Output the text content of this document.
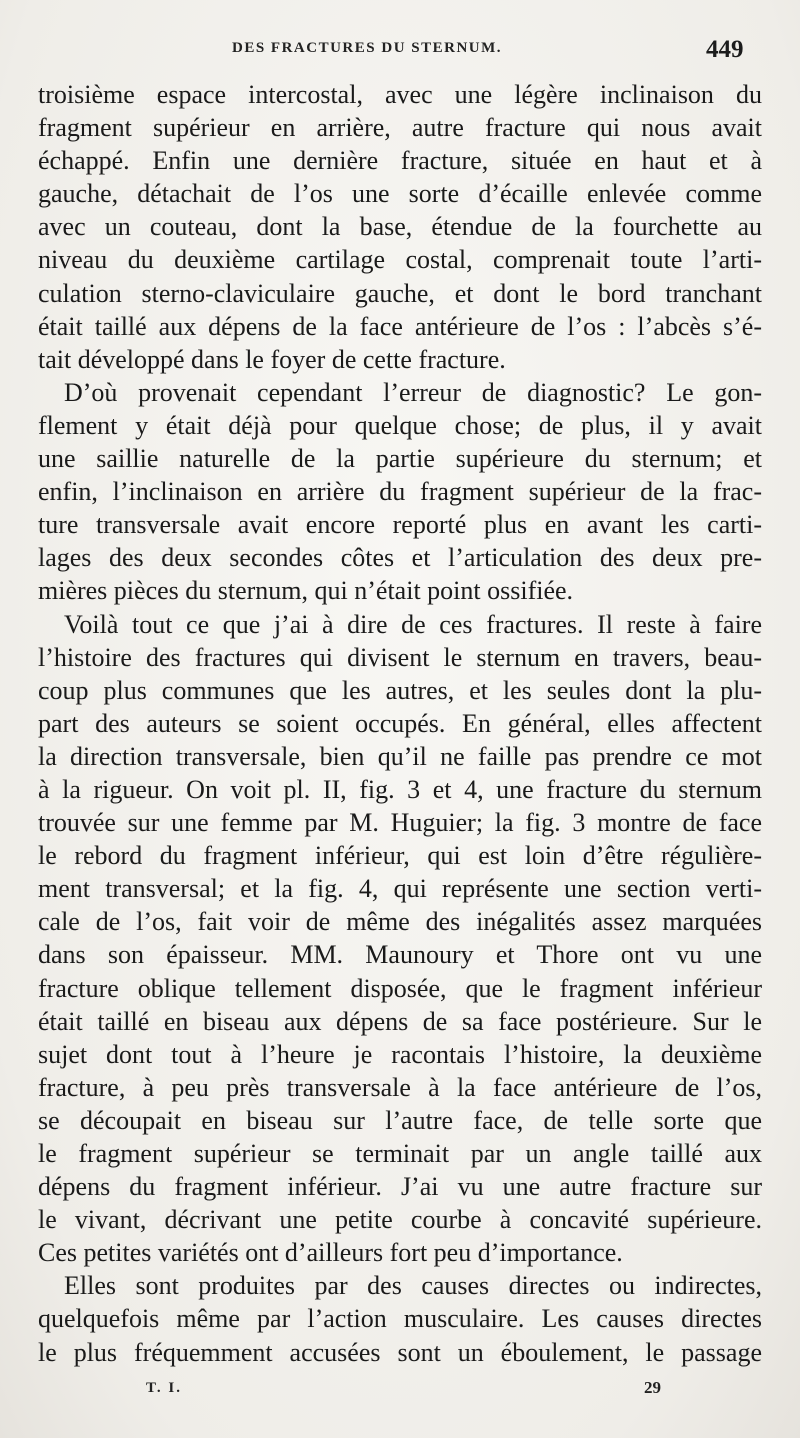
DES FRACTURES DU STERNUM.	449
troisième espace intercostal, avec une légère inclinaison du
fragment supérieur en arrière, autre fracture qui nous avait
échappé. Enfin une dernière fracture, située en haut et à
gauche, détachait de l’os une sorte d’écaille enlevée comme
avec un couteau, dont la base, étendue de la fourchette au
niveau du deuxième cartilage costal, comprenait toute l’arti-
culation sterno-claviculaire gauche, et dont le bord tranchant
était taillé aux dépens de la face antérieure de l’os : l’abcès s’é-
tait développé dans le foyer de cette fracture.
D’où provenait cependant l’erreur de diagnostic? Le gon-
flement y était déjà pour quelque chose; de plus, il y avait
une saillie naturelle de la partie supérieure du sternum; et
enfin, l’inclinaison en arrière du fragment supérieur de la frac-
ture transversale avait encore reporté plus en avant les carti-
lages des deux secondes côtes et l’articulation des deux pre-
mières pièces du sternum, qui n’était point ossifiée.
Voilà tout ce que j’ai à dire de ces fractures. Il reste à faire
l’histoire des fractures qui divisent le sternum en travers, beau-
coup plus communes que les autres, et les seules dont la plu-
part des auteurs se soient occupés. En général, elles affectent
la direction transversale, bien qu’il ne faille pas prendre ce mot
à la rigueur. On voit pl. II, fig. 3 et 4, une fracture du sternum
trouvée sur une femme par M. Huguier; la fig. 3 montre de face
le rebord du fragment inférieur, qui est loin d’être régulière-
ment transversal; et la fig. 4, qui représente une section verti-
cale de l’os, fait voir de même des inégalités assez marquées
dans son épaisseur. MM. Maunoury et Thore ont vu une
fracture oblique tellement disposée, que le fragment inférieur
était taillé en biseau aux dépens de sa face postérieure. Sur le
sujet dont tout à l’heure je racontais l’histoire, la deuxième
fracture, à peu près transversale à la face antérieure de l’os,
se découpait en biseau sur l’autre face, de telle sorte que
le fragment supérieur se terminait par un angle taillé aux
dépens du fragment inférieur. J’ai vu une autre fracture sur
le vivant, décrivant une petite courbe à concavité supérieure.
Ces petites variétés ont d’ailleurs fort peu d’importance.
Elles sont produites par des causes directes ou indirectes,
quelquefois même par l’action musculaire. Les causes directes
le plus fréquemment accusées sont un éboulement, le passage
T. I.	29
